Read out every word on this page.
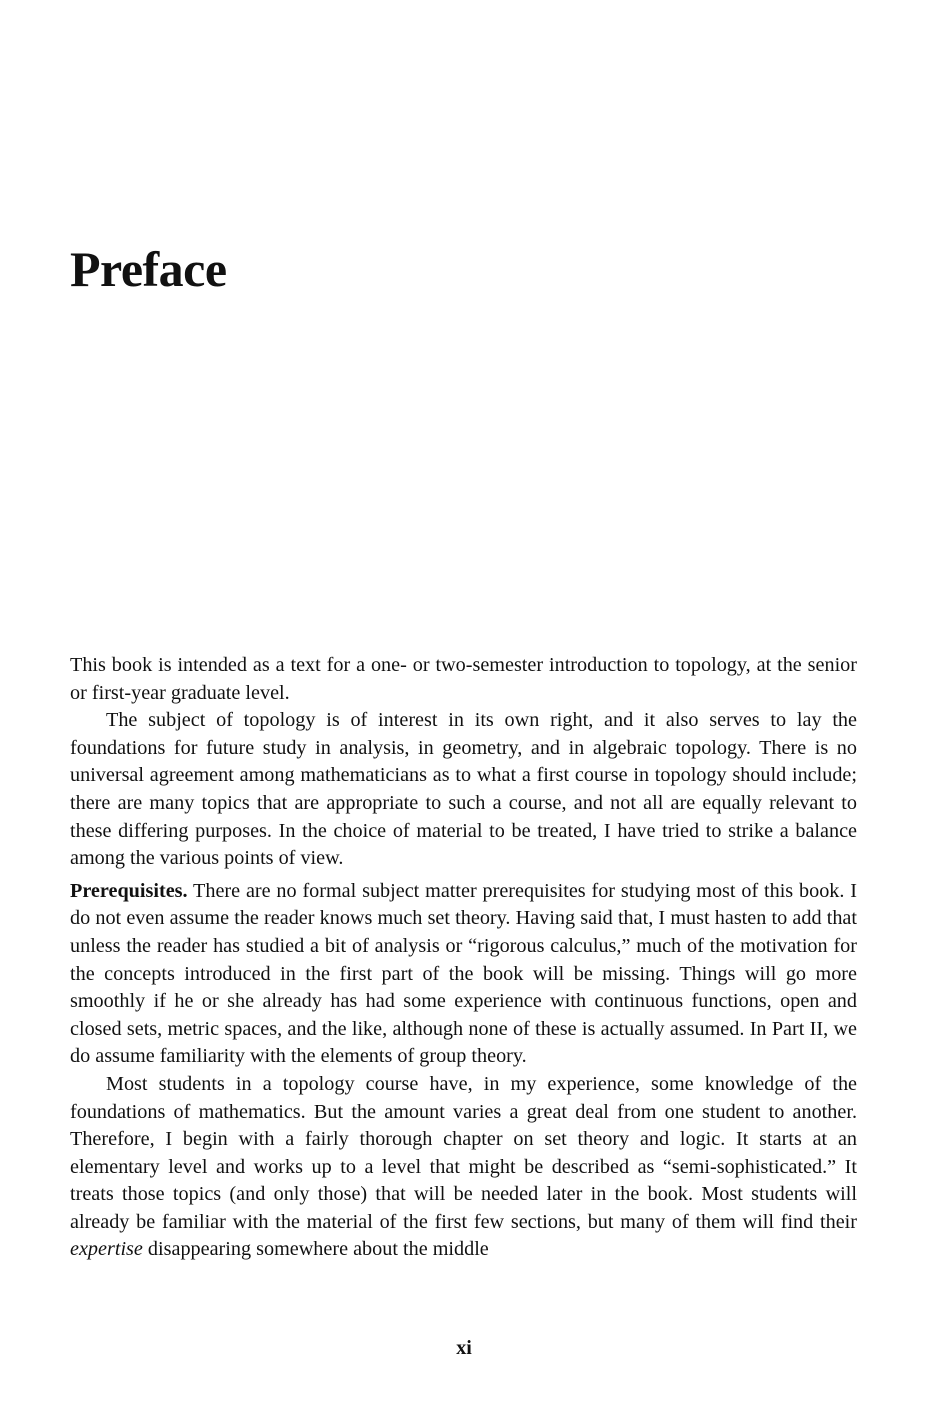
Preface

This book is intended as a text for a one- or two-semester introduction to topology, at the senior or first-year graduate level.

The subject of topology is of interest in its own right, and it also serves to lay the foundations for future study in analysis, in geometry, and in algebraic topology. There is no universal agreement among mathematicians as to what a first course in topology should include; there are many topics that are appropriate to such a course, and not all are equally relevant to these differing purposes. In the choice of material to be treated, I have tried to strike a balance among the various points of view.

Prerequisites. There are no formal subject matter prerequisites for studying most of this book. I do not even assume the reader knows much set theory. Having said that, I must hasten to add that unless the reader has studied a bit of analysis or “rigorous calculus,” much of the motivation for the concepts introduced in the first part of the book will be missing. Things will go more smoothly if he or she already has had some experience with continuous functions, open and closed sets, metric spaces, and the like, although none of these is actually assumed. In Part II, we do assume familiarity with the elements of group theory.

Most students in a topology course have, in my experience, some knowledge of the foundations of mathematics. But the amount varies a great deal from one student to another. Therefore, I begin with a fairly thorough chapter on set theory and logic. It starts at an elementary level and works up to a level that might be described as “semi-sophisticated.” It treats those topics (and only those) that will be needed later in the book. Most students will already be familiar with the material of the first few sections, but many of them will find their expertise disappearing somewhere about the middle

xi
